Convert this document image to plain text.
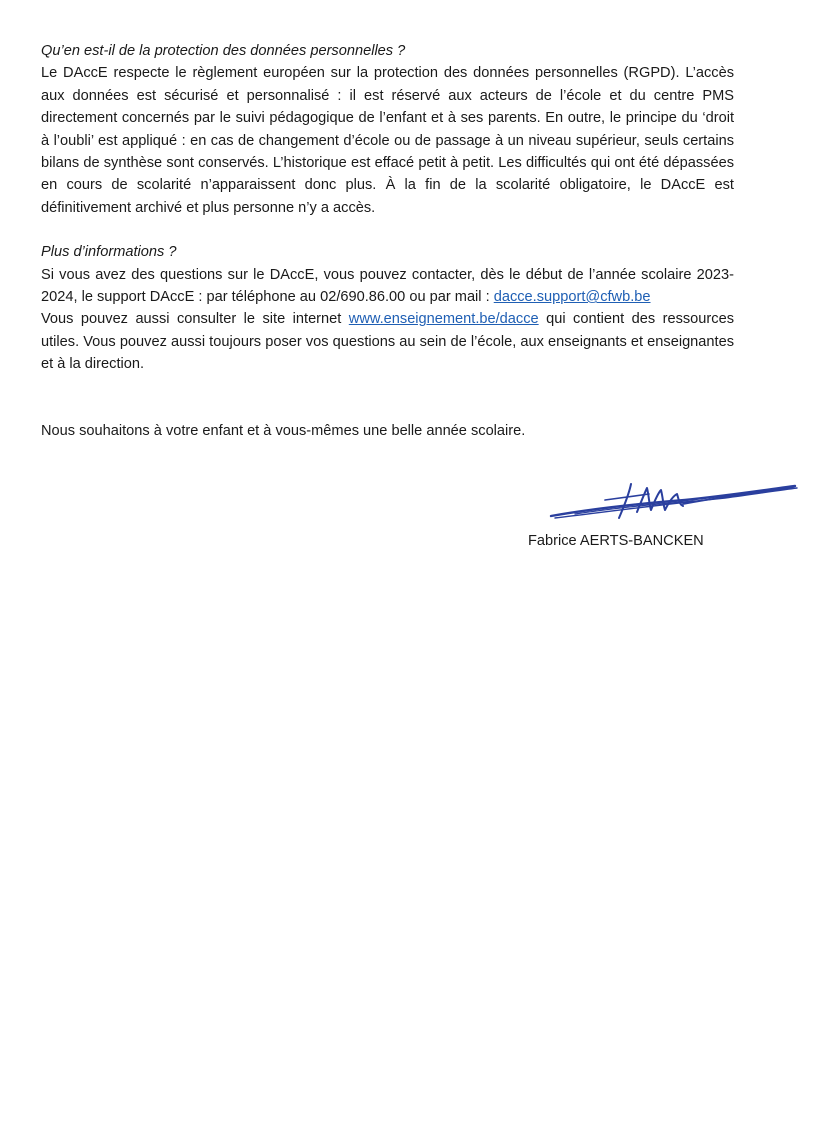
Qu’en est-il de la protection des données personnelles ?

Le DAccE respecte le règlement européen sur la protection des données personnelles (RGPD). L’accès aux données est sécurisé et personnalisé : il est réservé aux acteurs de l’école et du centre PMS directement concernés par le suivi pédagogique de l’enfant et à ses parents. En outre, le principe du ‘droit à l’oubli’ est appliqué : en cas de changement d’école ou de passage à un niveau supérieur, seuls certains bilans de synthèse sont conservés. L’historique est effacé petit à petit. Les difficultés qui ont été dépassées en cours de scolarité n’apparaissent donc plus. À la fin de la scolarité obligatoire, le DAccE est définitivement archivé et plus personne n’y a accès.

Plus d’informations ?

Si vous avez des questions sur le DAccE, vous pouvez contacter, dès le début de l’année scolaire 2023-2024, le support DAccE : par téléphone au 02/690.86.00 ou par mail : dacce.support@cfwb.be

Vous pouvez aussi consulter le site internet www.enseignement.be/dacce qui contient des ressources utiles. Vous pouvez aussi toujours poser vos questions au sein de l’école, aux enseignants et enseignantes et à la direction.

Nous souhaitons à votre enfant et à vous-mêmes une belle année scolaire.

Fabrice AERTS-BANCKEN
